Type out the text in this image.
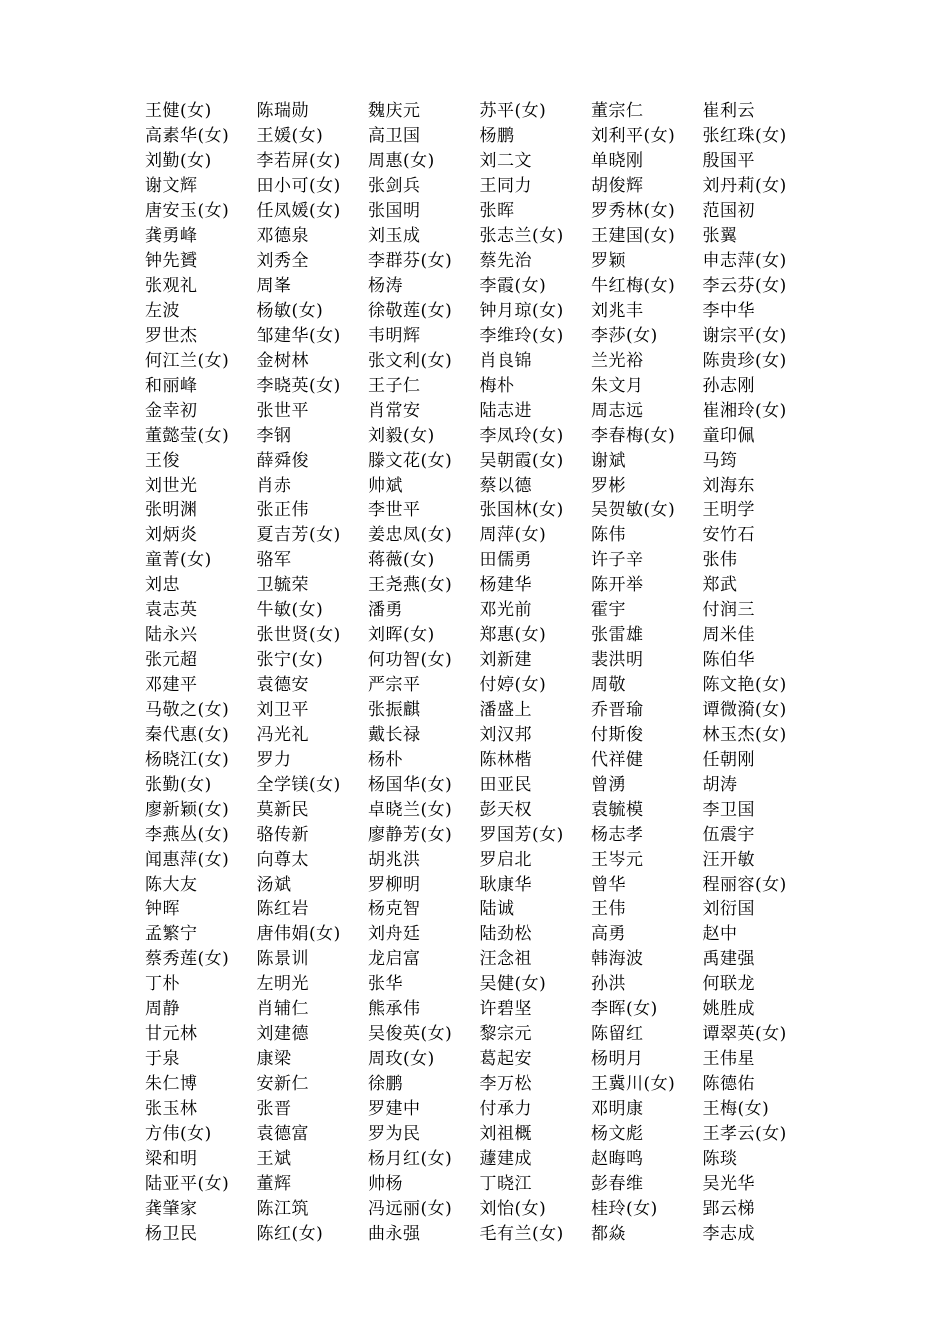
王健(女)	陈瑞勋	魏庆元	苏平(女)	董宗仁	崔利云
高素华(女)	王媛(女)	高卫国	杨鹏	刘利平(女)	张红珠(女)
刘勤(女)	李若屏(女)	周惠(女)	刘二文	单晓刚	殷国平
谢文辉	田小可(女)	张剑兵	王同力	胡俊辉	刘丹莉(女)
唐安玉(女)	任凤媛(女)	张国明	张晖	罗秀林(女)	范国初
龚勇峰	邓德泉	刘玉成	张志兰(女)	王建国(女)	张翼
钟先贇	刘秀全	李群芬(女)	蔡先治	罗颖	申志萍(女)
张观礼	周峯	杨涛	李霞(女)	牛红梅(女)	李云芬(女)
左波	杨敏(女)	徐敬莲(女)	钟月琼(女)	刘兆丰	李中华
罗世杰	邹建华(女)	韦明辉	李维玲(女)	李莎(女)	谢宗平(女)
何江兰(女)	金树林	张文利(女)	肖良锦	兰光裕	陈贵珍(女)
和丽峰	李晓英(女)	王子仁	梅朴	朱文月	孙志刚
金幸初	张世平	肖常安	陆志进	周志远	崔湘玲(女)
董懿莹(女)	李钢	刘毅(女)	李凤玲(女)	李春梅(女)	童印佩
王俊	薛舜俊	滕文花(女)	吴朝霞(女)	谢斌	马筠
刘世光	肖赤	帅斌	蔡以德	罗彬	刘海东
张明渊	张正伟	李世平	张国林(女)	吴贺敏(女)	王明学
刘炳炎	夏吉芳(女)	姜忠凤(女)	周萍(女)	陈伟	安竹石
童菁(女)	骆军	蒋薇(女)	田儒勇	许子辛	张伟
刘忠	卫毓荣	王尧燕(女)	杨建华	陈开举	郑武
袁志英	牛敏(女)	潘勇	邓光前	霍宇	付润三
陆永兴	张世贤(女)	刘晖(女)	郑惠(女)	张雷雄	周米佳
张元超	张宁(女)	何功智(女)	刘新建	裴洪明	陈伯华
邓建平	袁德安	严宗平	付婷(女)	周敬	陈文艳(女)
马敬之(女)	刘卫平	张振麒	潘盛上	乔晋瑜	谭微漪(女)
秦代惠(女)	冯光礼	戴长禄	刘汉邦	付斯俊	林玉杰(女)
杨晓江(女)	罗力	杨朴	陈林楷	代祥健	任朝刚
张勤(女)	全学镁(女)	杨国华(女)	田亚民	曾湧	胡涛
廖新颖(女)	莫新民	卓晓兰(女)	彭天权	袁毓模	李卫国
李燕丛(女)	骆传新	廖静芳(女)	罗国芳(女)	杨志孝	伍震宇
闻惠萍(女)	向尊太	胡兆洪	罗启北	王岑元	汪开敏
陈大友	汤斌	罗柳明	耿康华	曾华	程丽容(女)
钟晖	陈红岩	杨克智	陆诚	王伟	刘衍国
孟繁宁	唐伟娟(女)	刘舟廷	陆劲松	高勇	赵中
蔡秀莲(女)	陈景训	龙启富	汪念祖	韩海波	禹建强
丁朴	左明光	张华	吴健(女)	孙洪	何联龙
周静	肖辅仁	熊承伟	许碧坚	李晖(女)	姚胜成
甘元林	刘建德	吴俊英(女)	黎宗元	陈留红	谭翠英(女)
于泉	康梁	周玫(女)	葛起安	杨明月	王伟星
朱仁博	安新仁	徐鹏	李万松	王冀川(女)	陈德佑
张玉林	张晋	罗建中	付承力	邓明康	王梅(女)
方伟(女)	袁德富	罗为民	刘祖概	杨文彪	王孝云(女)
梁和明	王斌	杨月红(女)	蘧建成	赵晦鸣	陈琰
陆亚平(女)	董辉	帅杨	丁晓江	彭春维	吴光华
龚肇家	陈江筑	冯远丽(女)	刘怡(女)	桂玲(女)	郢云梯
杨卫民	陈红(女)	曲永强	毛有兰(女)	都焱	李志成
